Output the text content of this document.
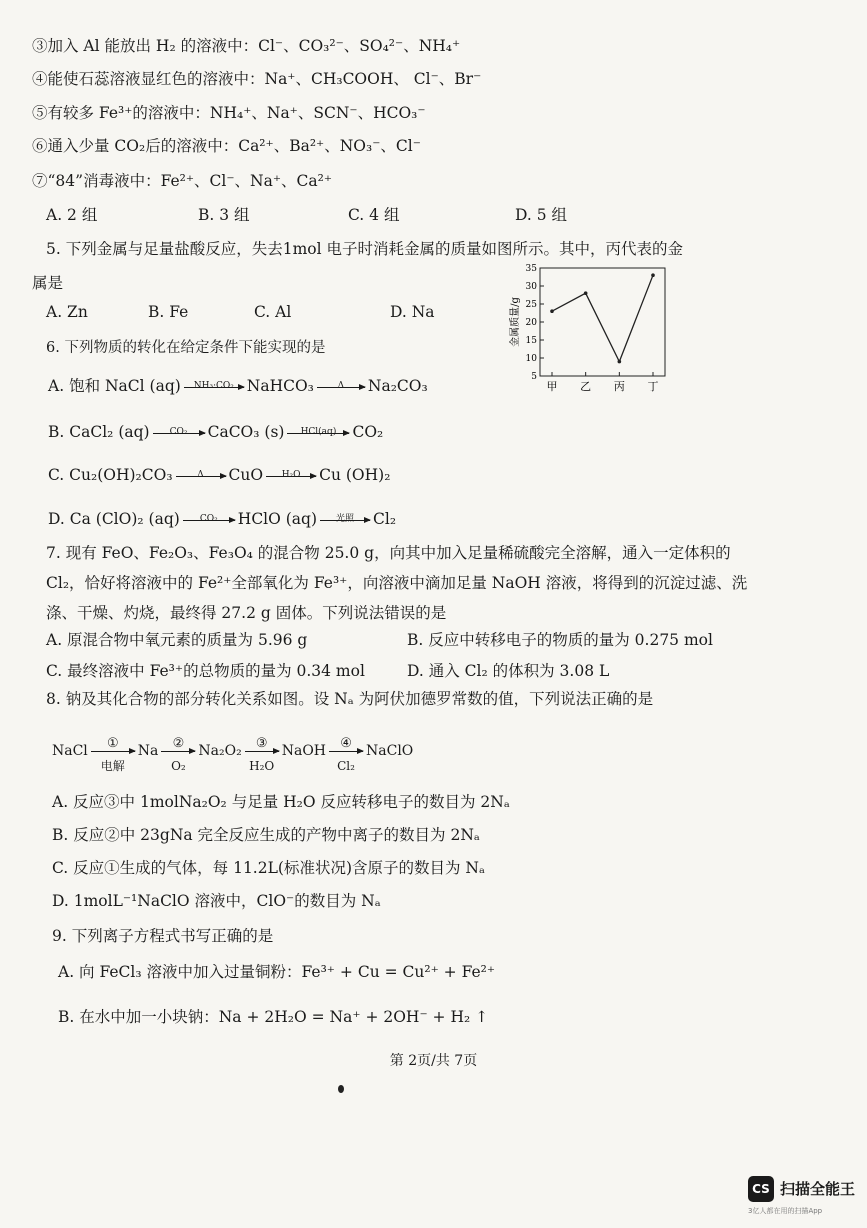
③加入 Al 能放出 H₂ 的溶液中：Cl⁻、CO₃²⁻、SO₄²⁻、NH₄⁺
④能使石蕊溶液显红色的溶液中：Na⁺、CH₃COOH、 Cl⁻、Br⁻
⑤有较多 Fe³⁺的溶液中：NH₄⁺、Na⁺、SCN⁻、HCO₃⁻
⑥通入少量 CO₂后的溶液中：Ca²⁺、Ba²⁺、NO₃⁻、Cl⁻
⑦“84”消毒液中：Fe²⁺、Cl⁻、Na⁺、Ca²⁺
A. 2 组	B. 3 组	C. 4 组	D. 5 组
5. 下列金属与足量盐酸反应，失去1mol 电子时消耗金属的质量如图所示。其中，丙代表的金
属是
A. Zn	B. Fe	C. Al	D. Na	金属质量/g
5
10
15
20
25
30
35
甲 乙 丙 丁
6. 下列物质的转化在给定条件下能实现的是
A. 饱和 NaCl (aq)	NH₃·CO₂ NaHCO₃	Δ	Na₂CO₃
B. CaCl₂ (aq)	CO₂	CaCO₃ (s)	HCl(aq)	CO₂
C. Cu₂(OH)₂CO₃	Δ	CuO	H₂O	Cu (OH)₂
D. Ca (ClO)₂ (aq)	CO₂	HClO (aq)	光照	Cl₂
7. 现有 FeO、Fe₂O₃、Fe₃O₄ 的混合物 25.0 g，向其中加入足量稀硫酸完全溶解，通入一定体积的 Cl₂，恰好将溶液中的 Fe²⁺全部氧化为 Fe³⁺，向溶液中滴加足量 NaOH 溶液，将得到的沉淀过滤、洗涤、干燥、灼烧，最终得 27.2 g 固体。下列说法错误的是
A. 原混合物中氧元素的质量为 5.96 g	B. 反应中转移电子的物质的量为 0.275 mol
C. 最终溶液中 Fe³⁺的总物质的量为 0.34 mol	D. 通入 Cl₂ 的体积为 3.08 L
8. 钠及其化合物的部分转化关系如图。设 Nₐ 为阿伏加德罗常数的值，下列说法正确的是
NaCl	①
电解
Na	②
O₂
Na₂O₂	③
H₂O
NaOH	④
Cl₂
NaClO
A. 反应③中 1molNa₂O₂ 与足量 H₂O 反应转移电子的数目为 2Nₐ
B. 反应②中 23gNa 完全反应生成的产物中离子的数目为 2Nₐ
C. 反应①生成的气体，每 11.2L(标准状况)含原子的数目为 Nₐ
D. 1molL⁻¹NaClO 溶液中，ClO⁻的数目为 Nₐ
9. 下列离子方程式书写正确的是
A. 向 FeCl₃ 溶液中加入过量铜粉：Fe³⁺ + Cu = Cu²⁺ + Fe²⁺
B. 在水中加一小块钠：Na + 2H₂O = Na⁺ + 2OH⁻ + H₂ ↑
第 2页/共 7页
CS 扫描全能王
3亿人都在用的扫描App
